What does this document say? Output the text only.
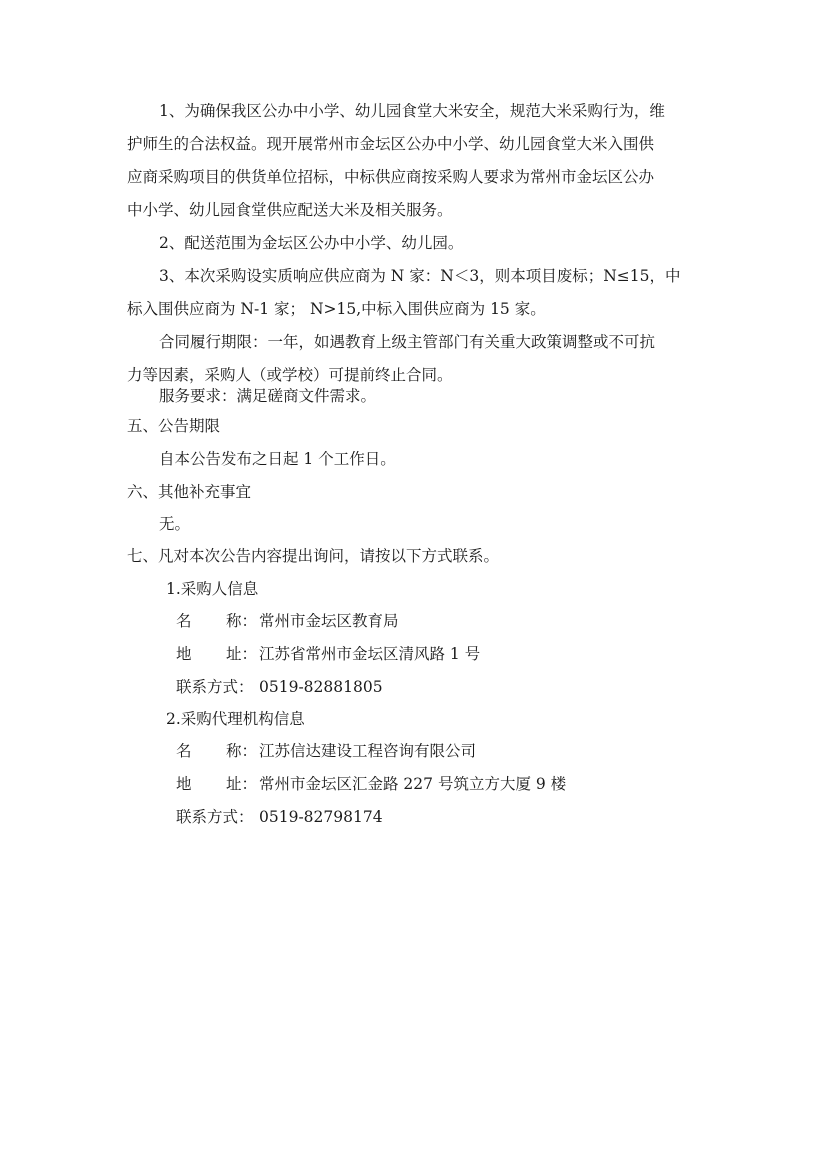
1、为确保我区公办中小学、幼儿园食堂大米安全，规范大米采购行为，维
护师生的合法权益。现开展常州市金坛区公办中小学、幼儿园食堂大米入围供
应商采购项目的供货单位招标，中标供应商按采购人要求为常州市金坛区公办
中小学、幼儿园食堂供应配送大米及相关服务。
2、配送范围为金坛区公办中小学、幼儿园。
3、本次采购设实质响应供应商为 N 家：N＜3，则本项目废标；N≤15，中
标入围供应商为 N-1 家； N>15,中标入围供应商为 15 家。
合同履行期限：一年，如遇教育上级主管部门有关重大政策调整或不可抗
力等因素，采购人（或学校）可提前终止合同。
服务要求：满足磋商文件需求。
五、公告期限
自本公告发布之日起 1 个工作日。
六、其他补充事宜
无。
七、凡对本次公告内容提出询问，请按以下方式联系。
1.采购人信息
名 称： 常州市金坛区教育局
地 址： 江苏省常州市金坛区清风路 1 号
联系方式： 0519-82881805
2.采购代理机构信息
名 称： 江苏信达建设工程咨询有限公司
地 址： 常州市金坛区汇金路 227 号筑立方大厦 9 楼
联系方式： 0519-82798174
